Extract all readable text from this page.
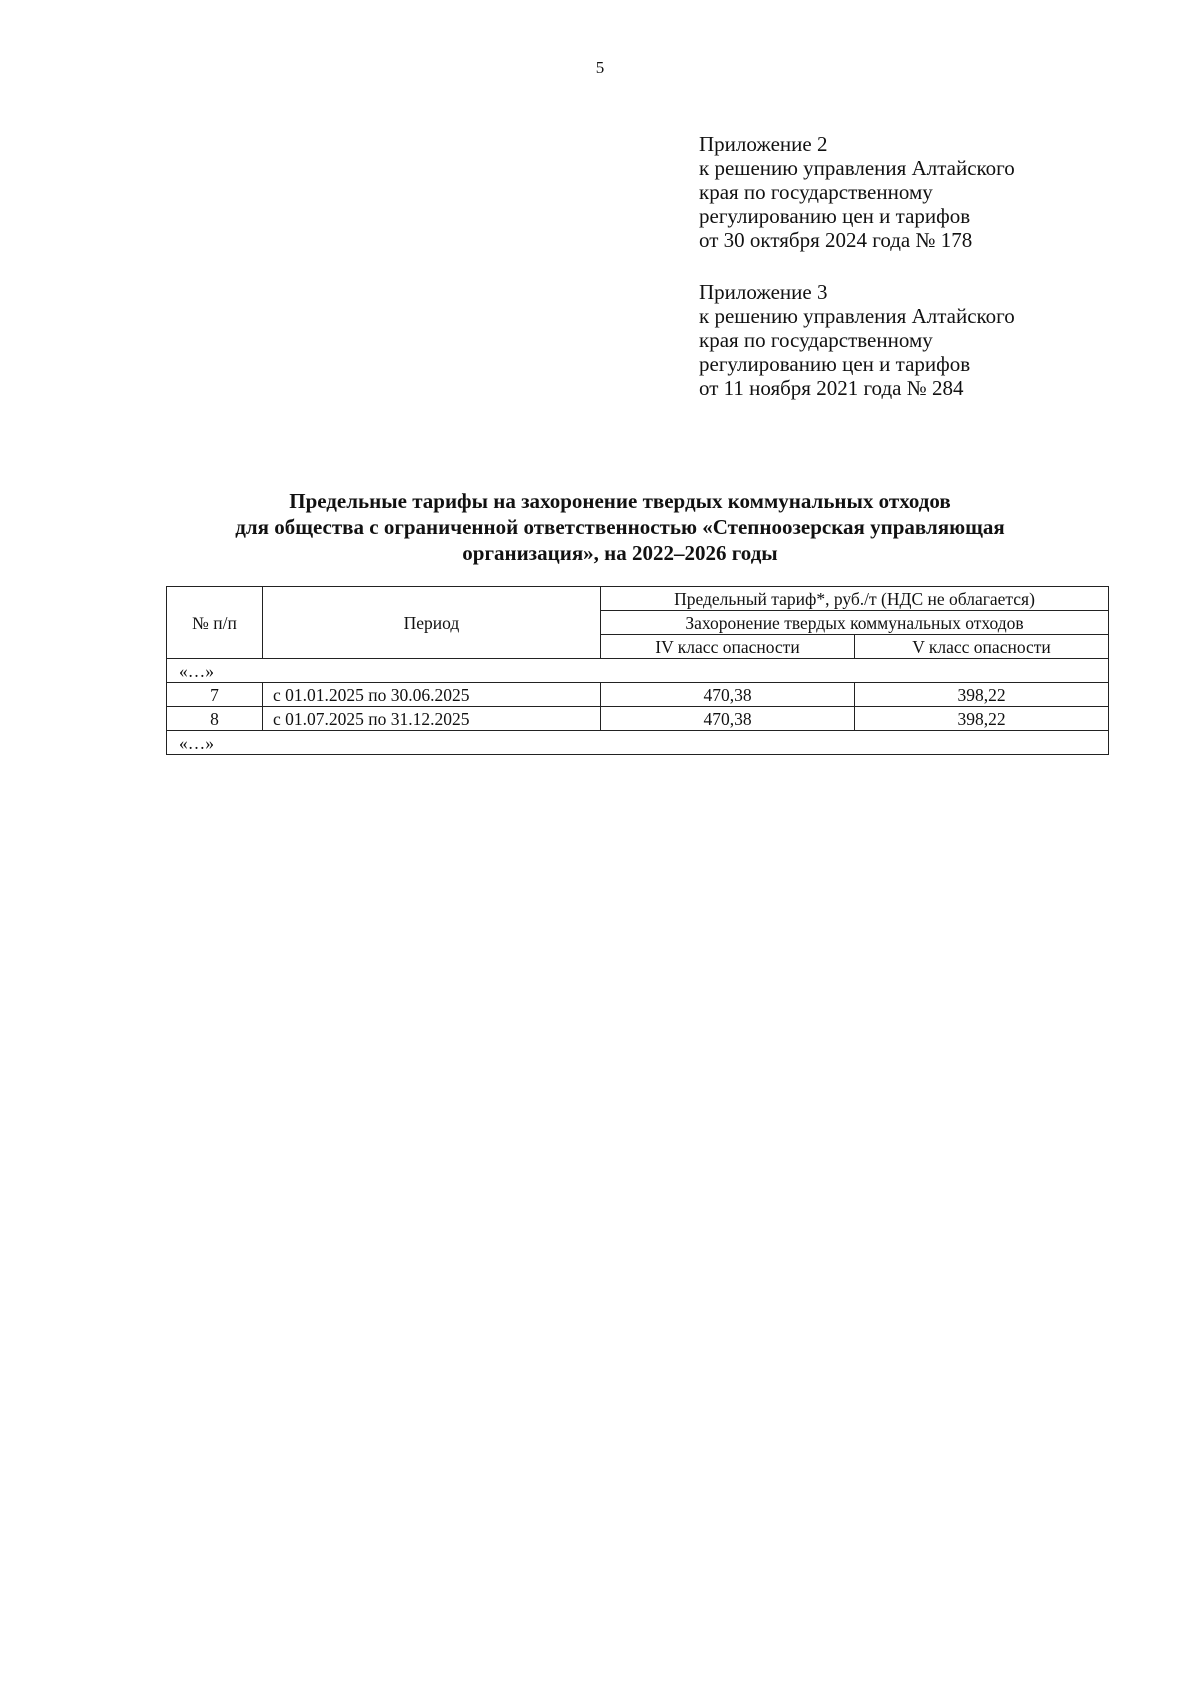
5
Приложение 2
к решению управления Алтайского
края по государственному
регулированию цен и тарифов
от 30 октября 2024 года № 178
Приложение 3
к решению управления Алтайского
края по государственному
регулированию цен и тарифов
от 11 ноября 2021 года № 284
Предельные тарифы на захоронение твердых коммунальных отходов
для общества с ограниченной ответственностью «Степноозерская управляющая
организация», на 2022–2026 годы
№ п/п	Период	Предельный тариф*, руб./т (НДС не облагается)	
		Захоронение твердых коммунальных отходов	
		IV класс опасности	V класс опасности
«…»			
7	с 01.01.2025 по 30.06.2025	470,38	398,22
8	с 01.07.2025 по 31.12.2025	470,38	398,22
«…»			
